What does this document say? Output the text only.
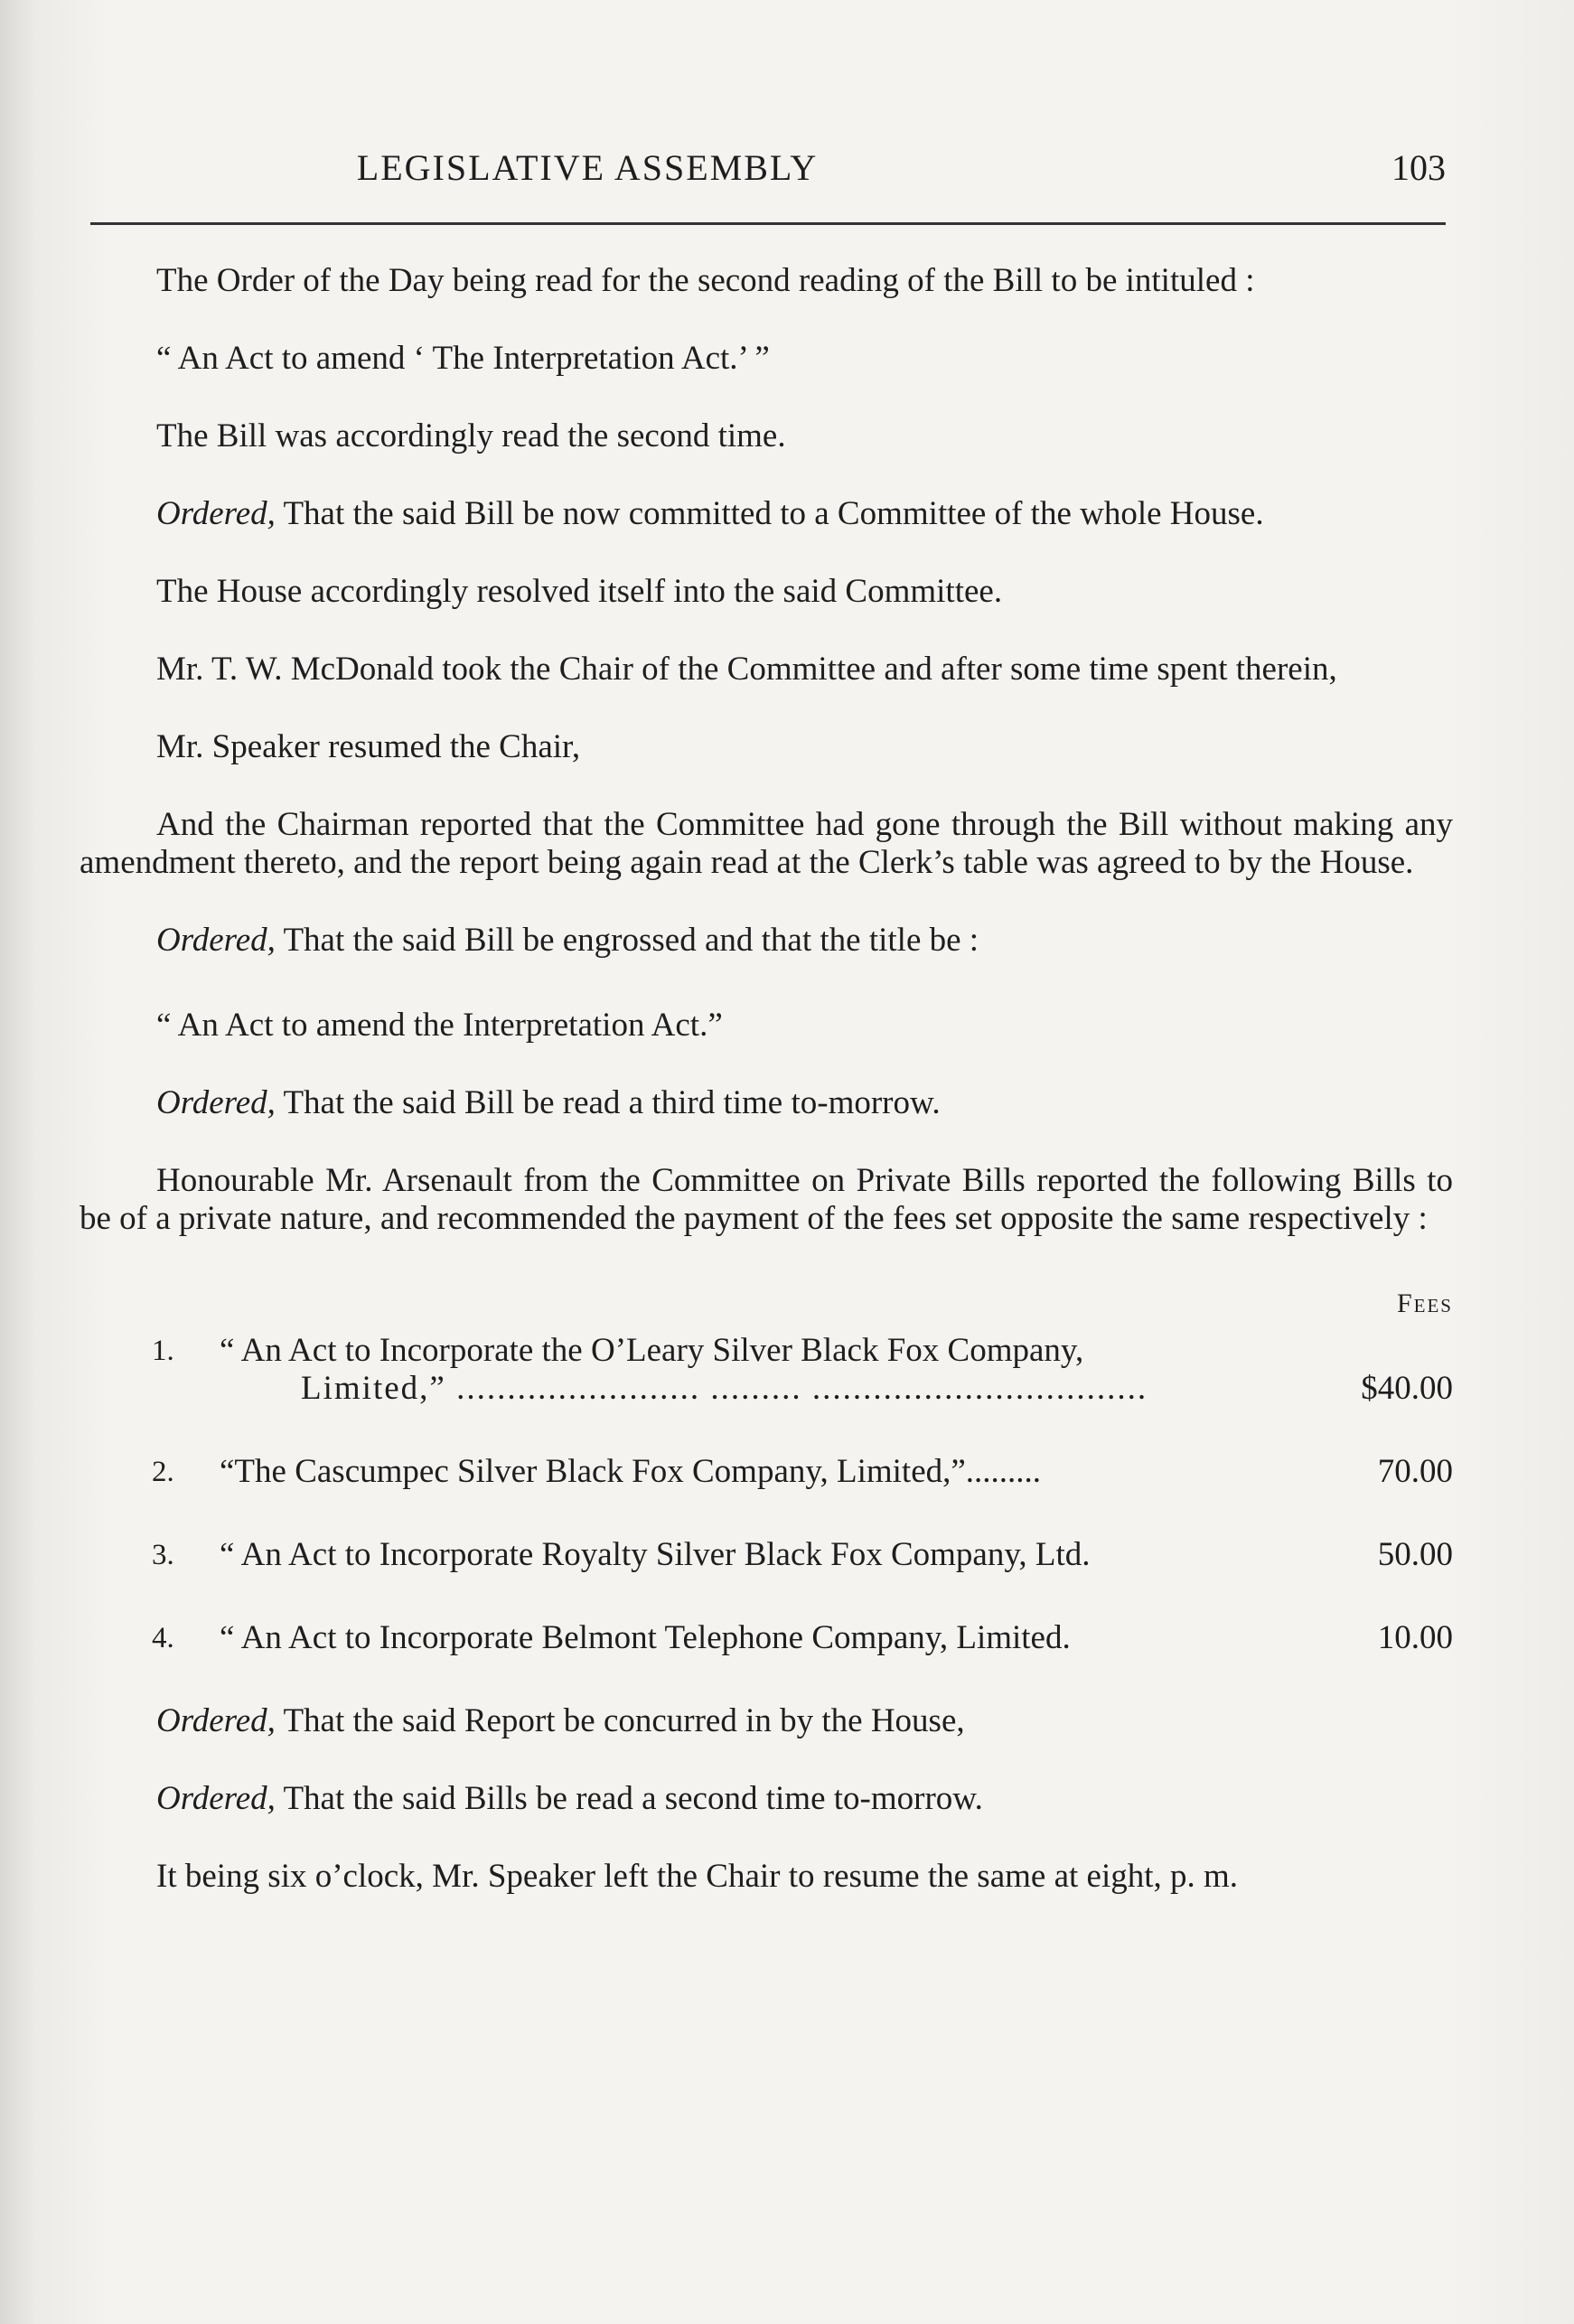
LEGISLATIVE ASSEMBLY	103

The Order of the Day being read for the second reading of the Bill to be intituled :

“ An Act to amend ‘ The Interpretation Act.’ ”

The Bill was accordingly read the second time.

Ordered, That the said Bill be now committed to a Committee of the whole House.

The House accordingly resolved itself into the said Committee.

Mr. T. W. McDonald took the Chair of the Committee and after some time spent therein,

Mr. Speaker resumed the Chair,

And the Chairman reported that the Committee had gone through the Bill without making any amendment thereto, and the report being again read at the Clerk’s table was agreed to by the House.

Ordered, That the said Bill be engrossed and that the title be :

“ An Act to amend the Interpretation Act.”

Ordered, That the said Bill be read a third time to-morrow.

Honourable Mr. Arsenault from the Committee on Private Bills reported the following Bills to be of a private nature, and recommended the payment of the fees set opposite the same respectively :

Fees
1.	“ An Act to Incorporate the O’Leary Silver Black Fox Company,
Limited,” ........................ ......... .................................	$40.00
2.	“The Cascumpec Silver Black Fox Company, Limited,”.........	70.00
3.	“ An Act to Incorporate Royalty Silver Black Fox Company, Ltd.	50.00
4.	“ An Act to Incorporate Belmont Telephone Company, Limited.	10.00

Ordered, That the said Report be concurred in by the House,

Ordered, That the said Bills be read a second time to-morrow.

It being six o’clock, Mr. Speaker left the Chair to resume the same at eight, p. m.
